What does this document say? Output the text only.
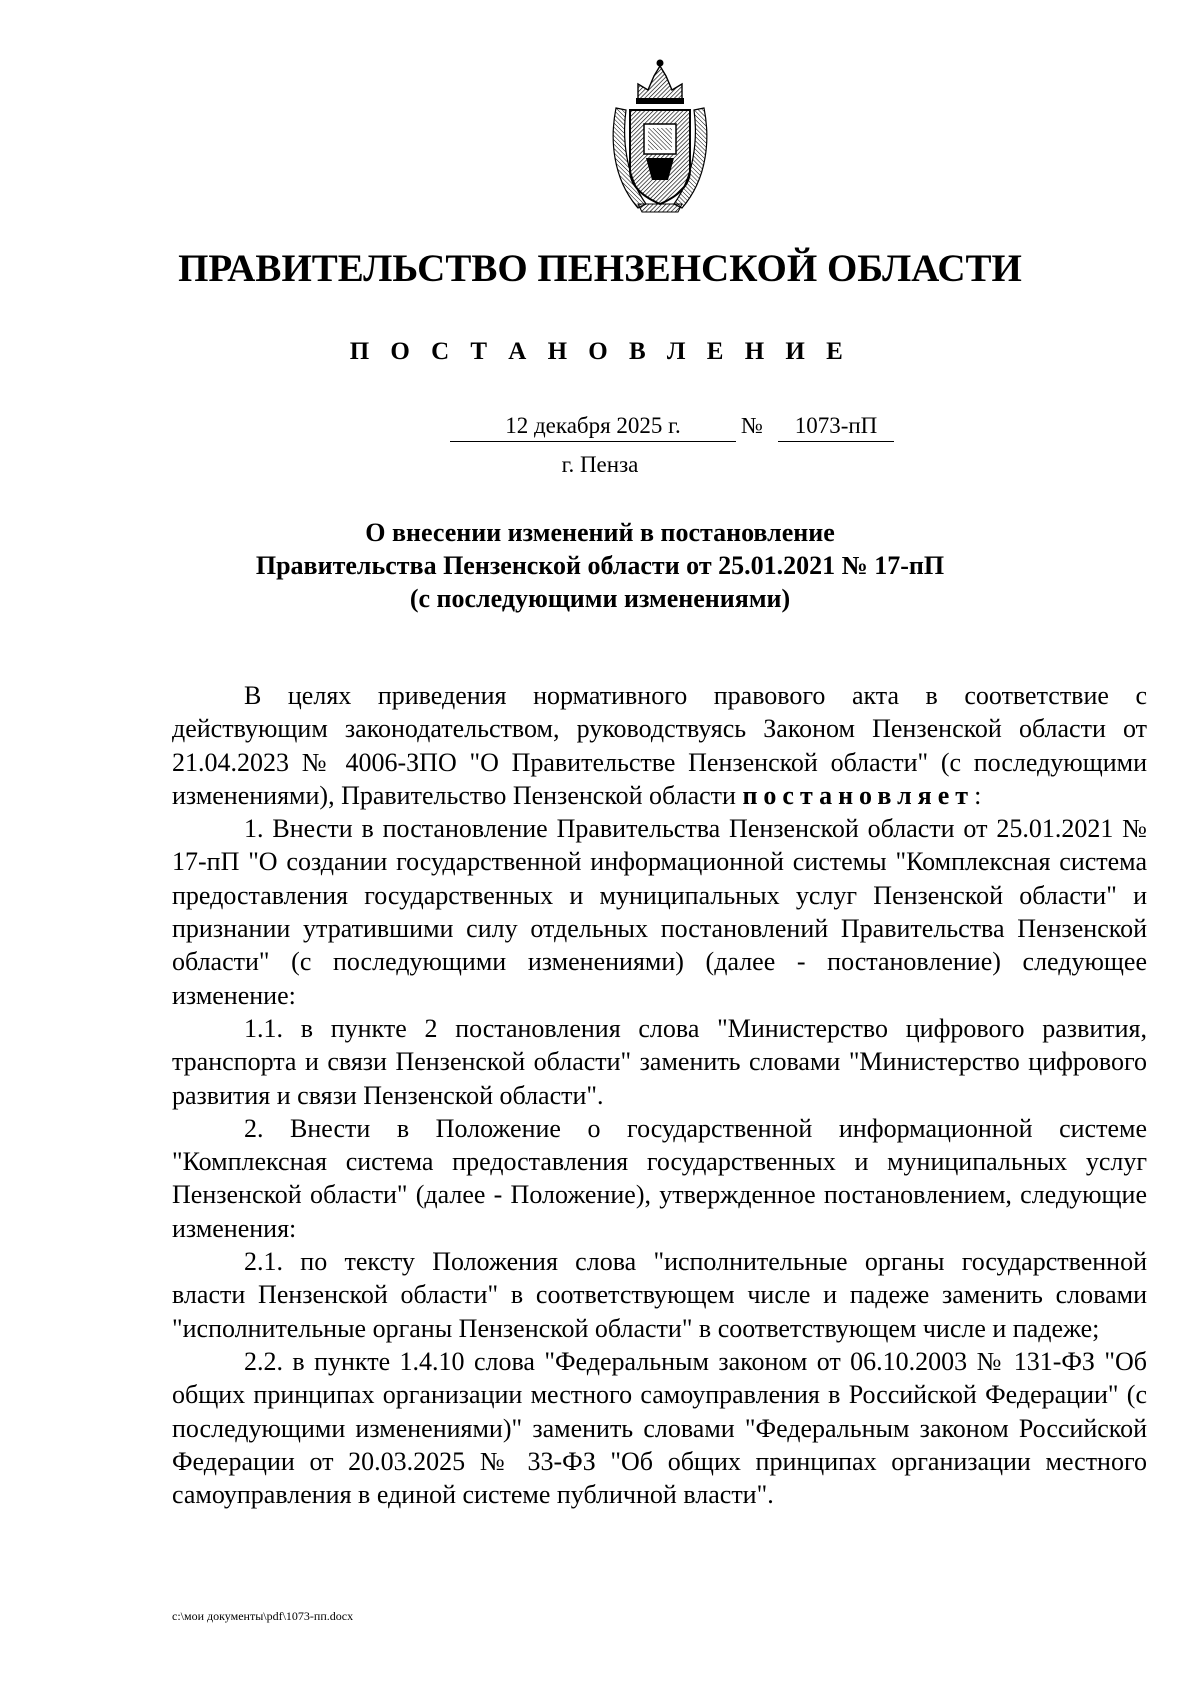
ПРАВИТЕЛЬСТВО ПЕНЗЕНСКОЙ ОБЛАСТИ
П О С Т А Н О В Л Е Н И Е
12 декабря 2025 г.	№	1073-пП
г. Пенза
О внесении изменений в постановление
Правительства Пензенской области от 25.01.2021 № 17-пП
(с последующими изменениями)

В целях приведения нормативного правового акта в соответствие с действующим законодательством, руководствуясь Законом Пензенской области от 21.04.2023 № 4006-ЗПО "О Правительстве Пензенской области" (с последующими изменениями), Правительство Пензенской области постановляет:

1. Внести в постановление Правительства Пензенской области от 25.01.2021 № 17-пП "О создании государственной информационной системы "Комплексная система предоставления государственных и муниципальных услуг Пензенской области" и признании утратившими силу отдельных постановлений Правительства Пензенской области" (с последующими изменениями) (далее - постановление) следующее изменение:

1.1. в пункте 2 постановления слова "Министерство цифрового развития, транспорта и связи Пензенской области" заменить словами "Министерство цифрового развития и связи Пензенской области".

2. Внести в Положение о государственной информационной системе "Комплексная система предоставления государственных и муниципальных услуг Пензенской области" (далее - Положение), утвержденное постановлением, следующие изменения:

2.1. по тексту Положения слова "исполнительные органы государственной власти Пензенской области" в соответствующем числе и падеже заменить словами "исполнительные органы Пензенской области" в соответствующем числе и падеже;

2.2. в пункте 1.4.10 слова "Федеральным законом от 06.10.2003 № 131-ФЗ "Об общих принципах организации местного самоуправления в Российской Федерации" (с последующими изменениями)" заменить словами "Федеральным законом Российской Федерации от 20.03.2025 № 33-ФЗ "Об общих принципах организации местного самоуправления в единой системе публичной власти".

c:\мои документы\pdf\1073-пп.docx
